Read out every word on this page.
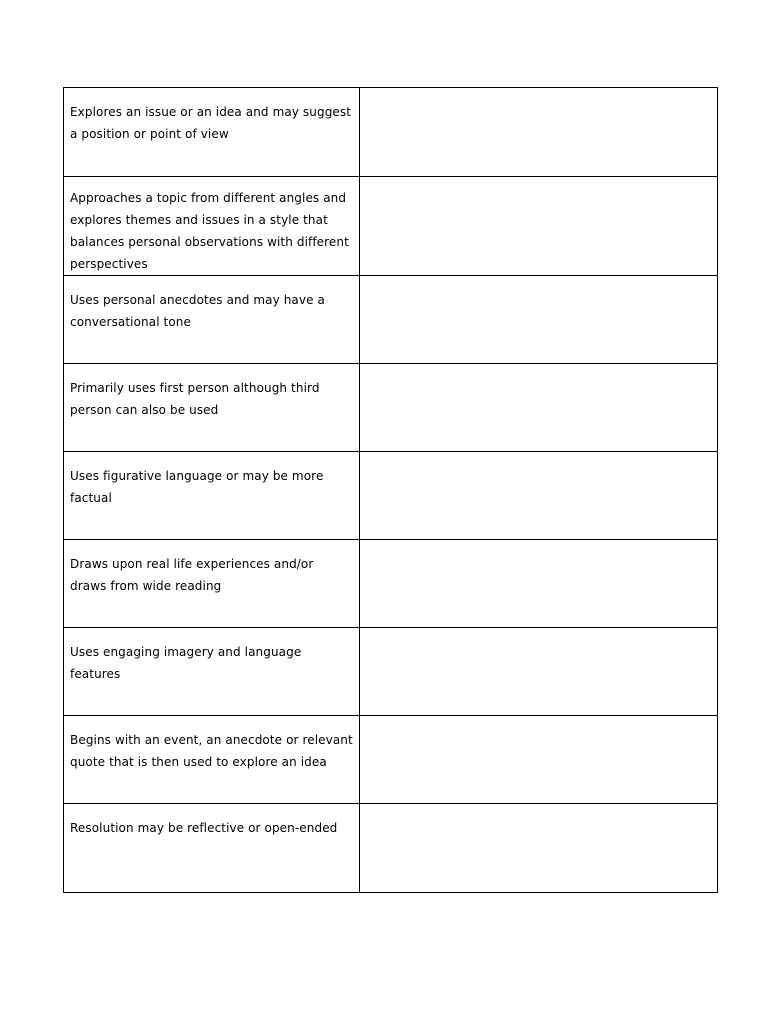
Explores an issue or an idea and may suggest a position or point of view	

Approaches a topic from different angles and explores themes and issues in a style that balances personal observations with different perspectives	

Uses personal anecdotes and may have a conversational tone	

Primarily uses first person although third person can also be used	

Uses figurative language or may be more factual	

Draws upon real life experiences and/or draws from wide reading	

Uses engaging imagery and language features	

Begins with an event, an anecdote or relevant quote that is then used to explore an idea	

Resolution may be reflective or open-ended	
